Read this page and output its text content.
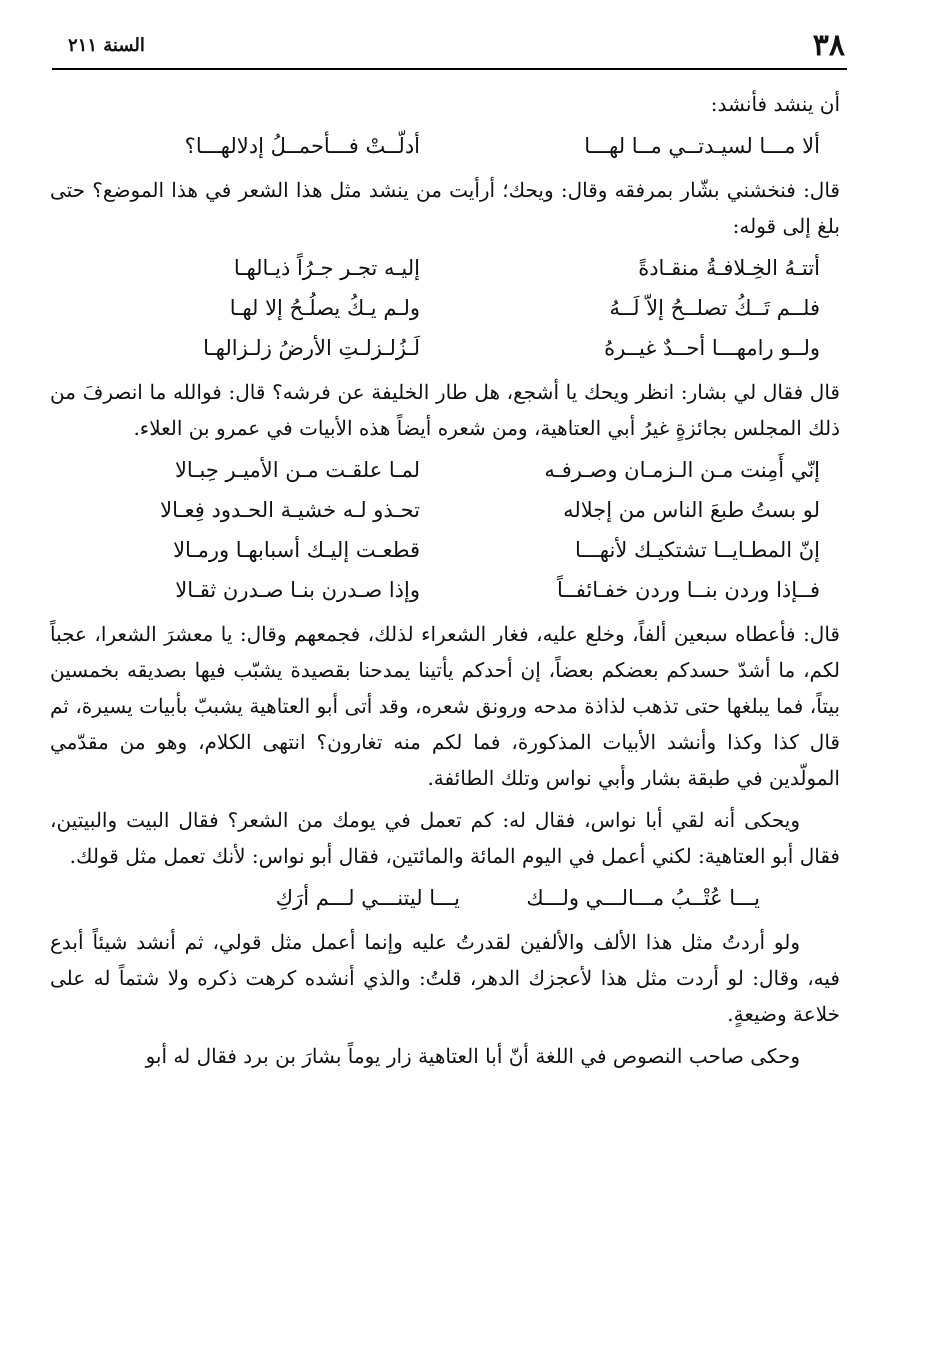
٣٨
السنة ٢١١

أن ينشد فأنشد:

ألا مـــا لسيـدتــي مــا لهـــا
أدلّــتْ فـــأحمــلُ إدلالهـــا؟

قال: فنخشني بشّار بمرفقه وقال: ويحك؛ أرأيت من ينشد مثل هذا الشعر في هذا الموضع؟ حتى بلغ إلى قوله:

أتتـهُ الخِـلافـةُ منقـادةً
إليـه تجـر جـرُاً ذيـالهـا
فلــم تَــكُ تصلــحُ إلاّ لَــهُ
ولـم يـكُ يصلُـحُ إلا لهـا
ولــو رامهـــا أحــدٌ غيــرهُ
لَـزُلـزلـتِ الأرضُ زلـزالهـا

قال فقال لي بشار: انظر ويحك يا أشجع، هل طار الخليفة عن فرشه؟ قال: فوالله ما انصرفَ من ذلك المجلس بجائزةٍ غيرُ أبي العتاهية، ومن شعره أيضاً هذه الأبيات في عمرو بن العلاء.

إنّي أَمِنت مـن الـزمـان وصـرفـه
لمـا علقـت مـن الأميـر حِبـالا
لو بستُ طبعَ الناس من إجلاله
تحـذو لـه خشيـة الحـدود فِعـالا
إنّ المطـايــا تشتكيـك لأنهـــا
قطعـت إليـك أسبابهـا ورمـالا
فــإذا وردن بنــا وردن خفـائفــاً
وإذا صـدرن بنـا صـدرن ثقـالا

قال: فأعطاه سبعين ألفاً، وخلع عليه، فغار الشعراء لذلك، فجمعهم وقال: يا معشرَ الشعرا، عجباً لكم، ما أشدّ حسدكم بعضكم بعضاً، إن أحدكم يأتينا يمدحنا بقصيدة يشبّب فيها بصديقه بخمسين بيتاً، فما يبلغها حتى تذهب لذاذة مدحه ورونق شعره، وقد أتى أبو العتاهية يشببّ بأبيات يسيرة، ثم قال كذا وكذا وأنشد الأبيات المذكورة، فما لكم منه تغارون؟ انتهى الكلام، وهو من مقدّمي المولّدين في طبقة بشار وأبي نواس وتلك الطائفة.

ويحكى أنه لقي أبا نواس، فقال له: كم تعمل في يومك من الشعر؟ فقال البيت والبيتين، فقال أبو العتاهية: لكني أعمل في اليوم المائة والمائتين، فقال أبو نواس: لأنك تعمل مثل قولك.

يـــا عُتْــبُ مـــالـــي ولـــك
يـــا ليتنـــي لـــم أرَكِ

ولو أردتُ مثل هذا الألف والألفين لقدرتُ عليه وإنما أعمل مثل قولي، ثم أنشد شيئاً أبدع فيه، وقال: لو أردت مثل هذا لأعجزك الدهر، قلتُ: والذي أنشده كرهت ذكره ولا شتماً له على خلاعة وضيعةٍ.

وحكى صاحب النصوص في اللغة أنّ أبا العتاهية زار يوماً بشارَ بن برد فقال له أبو
